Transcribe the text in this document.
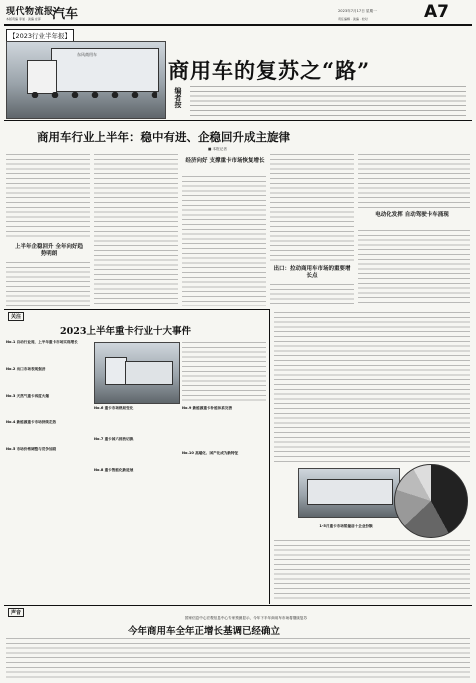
现代物流报
本版责编 李旭 · 美编 庄泽 汽车	2023年7月17日 星期一
责任编辑 · 美编 · 校对	A7
【2023行业半年报】
东风商用车
商用车的复苏之“路”
编者按
商用车行业上半年：稳中有进、企稳回升成主旋律
■ 本报记者
上半年企稳回升 全年向好趋势明朗
经济向好 支撑重卡市场恢复增长
出口：拉动商用车市场的重要增长点
电动化发挥 自动驾驶卡车涌现
关注
2023上半年重卡行业十大事件
No.1 自动行业周，上半年重卡市场实现增长
No.2 出口市场表现强劲
No.3 天然气重卡再度火爆
No.4 新能源重卡市场持续走热
No.5 市场价格调整与竞争加剧
No.6 重卡市场格局变化
No.7 重卡国六排放切换
No.8 重卡智能化新进展
No.9 新能源重卡补能体系完善
No.10 高端化、国产化成为新特征
1-5月重卡市场销量前十企业份额
声音
国家信息中心宏观信息中心专家预测显示，今年下半年商用车市场将继续复苏
今年商用车全年正增长基调已经确立
